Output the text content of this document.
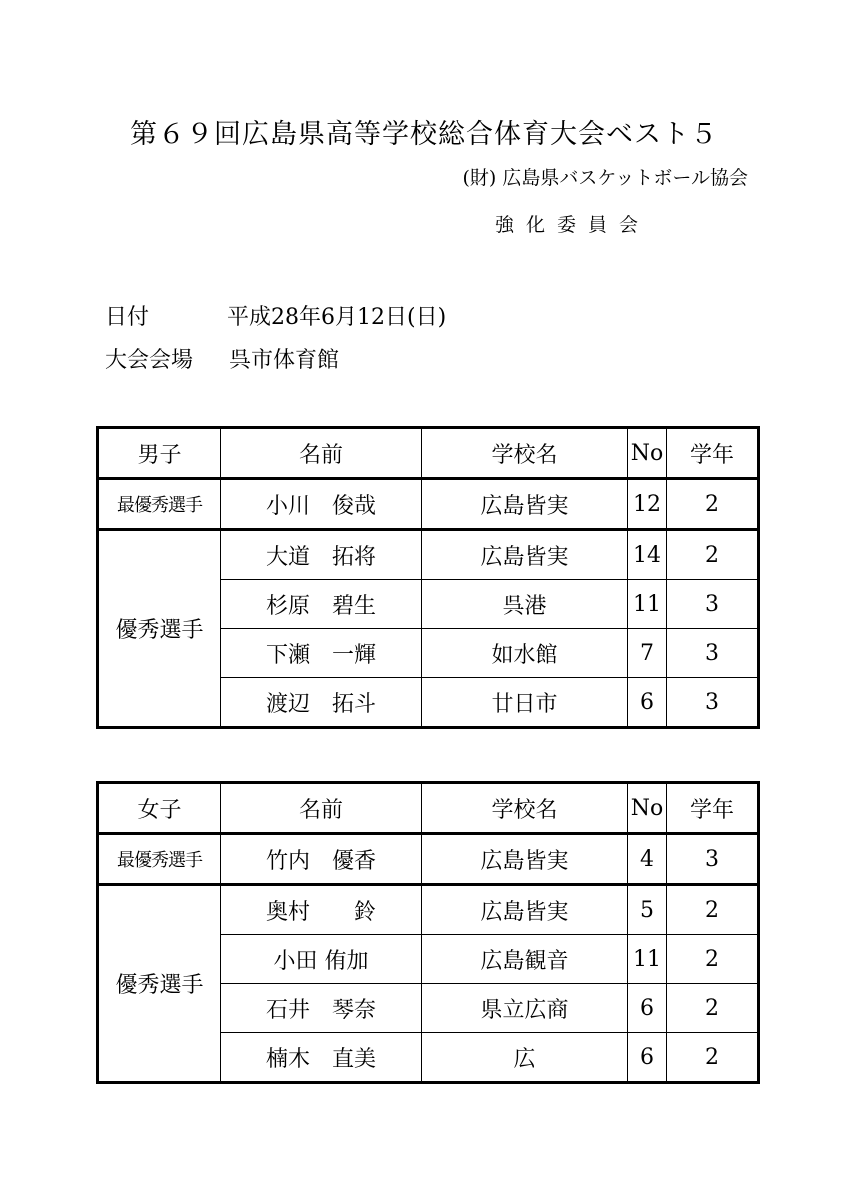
第６９回広島県高等学校総合体育大会ベスト５
(財) 広島県バスケットボール協会
強化委員会
日付	平成28年6月12日(日)
大会会場 呉市体育館
男子	名前	学校名	No	学年
最優秀選手	小川　俊哉	広島皆実	12	2
優秀選手	大道　拓将	広島皆実	14	2
	杉原　碧生	呉港	11	3
	下瀬　一輝	如水館	7	3
	渡辺　拓斗	廿日市	6	3
女子	名前	学校名	No	学年
最優秀選手	竹内　優香	広島皆実	4	3
優秀選手	奥村　　鈴	広島皆実	5	2
	小田 侑加	広島観音	11	2
	石井　琴奈	県立広商	6	2
	楠木　直美	広	6	2
